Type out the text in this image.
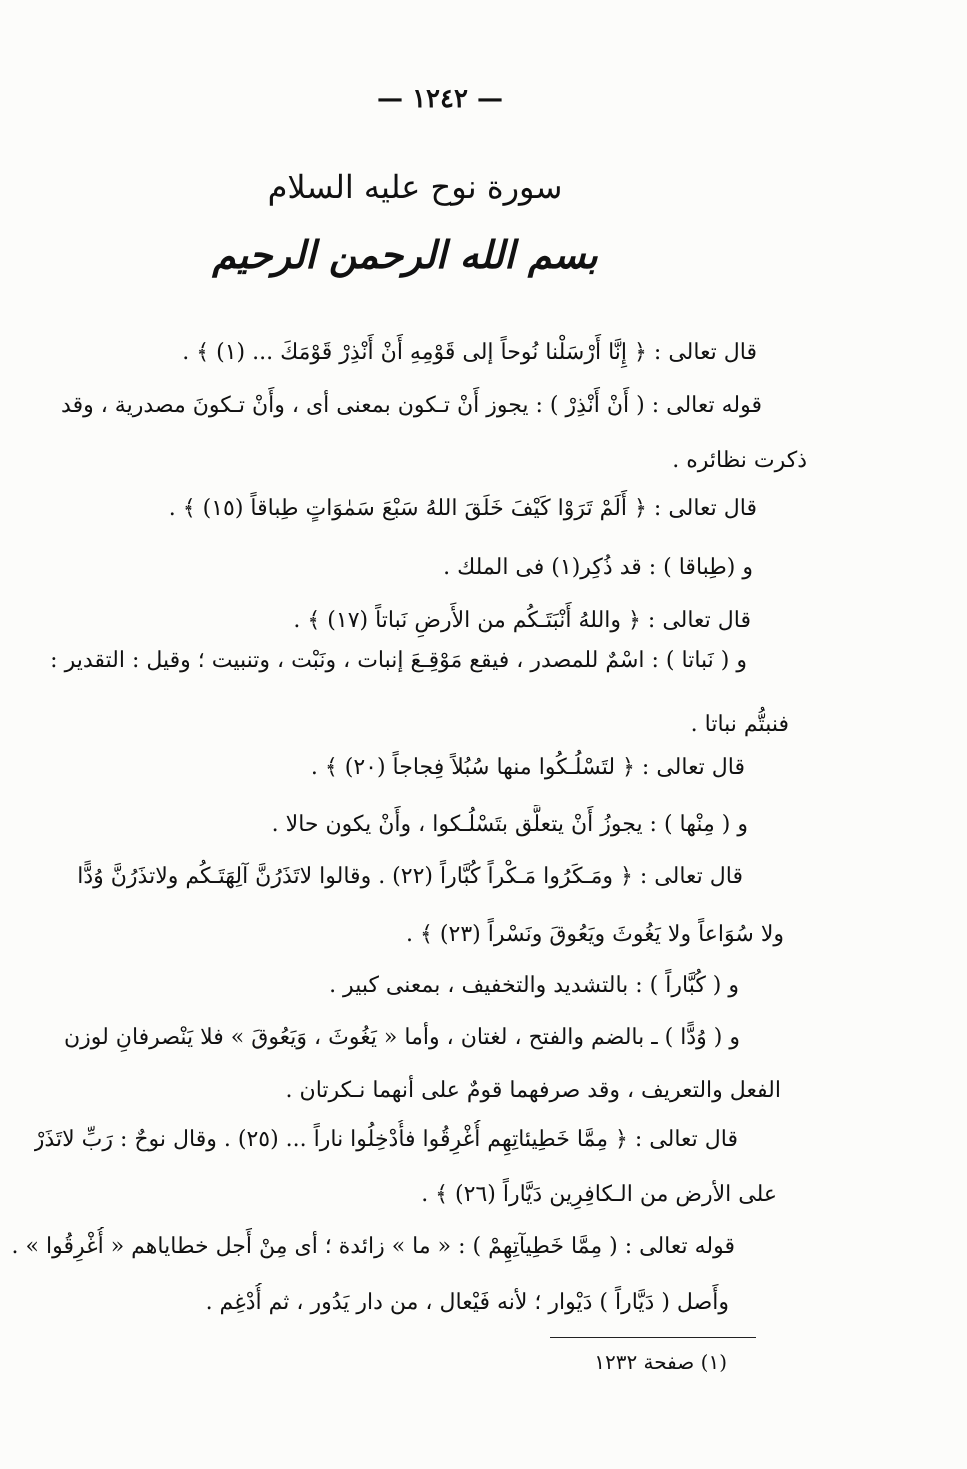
— ١٢٤٢ —
سورة نوح عليه السلام
بسم الله الرحمن الرحيم
قال تعالى : ﴿ إِنَّا أَرْسَلْنا نُوحاً إلى قَوْمِهِ أَنْ أَنْذِرْ قَوْمَكَ ... (١) ﴾ .
قوله تعالى : ( أَنْ أَنْذِرْ ) : يجوز أَنْ تـكون بمعنى أى ، وأَنْ تـكونَ مصدرية ، وقد
ذكرت نظائره .
قال تعالى : ﴿ أَلَمْ تَرَوْا كَيْفَ خَلَقَ اللهُ سَبْعَ سَمٰوَاتٍ طِباقاً (١٥) ﴾ .
و (طِباقا ) : قد ذُكِر(١) فى الملك .
قال تعالى : ﴿ واللهُ أَنْبَتَـكُم من الأَرضِ نَباتاً (١٧) ﴾ .
و ( نَباتا ) : اسْمٌ للمصدر ، فيقع مَوْقِـعَ إنبات ، ونَبْت ، وتنبيت ؛ وقيل : التقدير :
فنبتُّم نباتا .
قال تعالى : ﴿ لتَسْلُـكُوا منها سُبُلاً فِجاجاً (٢٠) ﴾ .
و ( مِنْها ) : يجوزُ أَنْ يتعلَّق بتَسْلُـكوا ، وأَنْ يكون حالا .
قال تعالى : ﴿ ومَـكَرُوا مَـكْراً كُبَّاراً (٢٢) . وقالوا لاتَذَرُنَّ آلِهَتَـكُم ولاتذَرُنَّ وُدًّا
ولا سُوَاعاً ولا يَغُوثَ ويَعُوقَ ونَسْراً (٢٣) ﴾ .
و ( كُبَّاراً ) : بالتشديد والتخفيف ، بمعنى كبير .
و ( وُدًّا ) ـ بالضم والفتح ، لغتان ، وأما « يَغُوثَ ، وَيَعُوقَ » فلا يَنْصرفانِ لوزن
الفعل والتعريف ، وقد صرفهما قومٌ على أنهما نـكرتان .
قال تعالى : ﴿ مِمَّا خَطِيئاتِهِم أُغْرِقُوا فأُدْخِلُوا ناراً ... (٢٥) . وقال نوحٌ : رَبِّ لاتَذَرْ
على الأرض من الـكافِرِين دَيَّاراً (٢٦) ﴾ .
قوله تعالى : ( مِمَّا خَطِيآتِهِمْ ) : « ما » زائدة ؛ أى مِنْ أَجل خطاياهم « أُغْرِقُوا » .
وأَصل ( دَيَّاراً ) دَيْوار ؛ لأنه فَيْعال ، من دار يَدُور ، ثم أُدْغِم .
(١) صفحة ١٢٣٢
